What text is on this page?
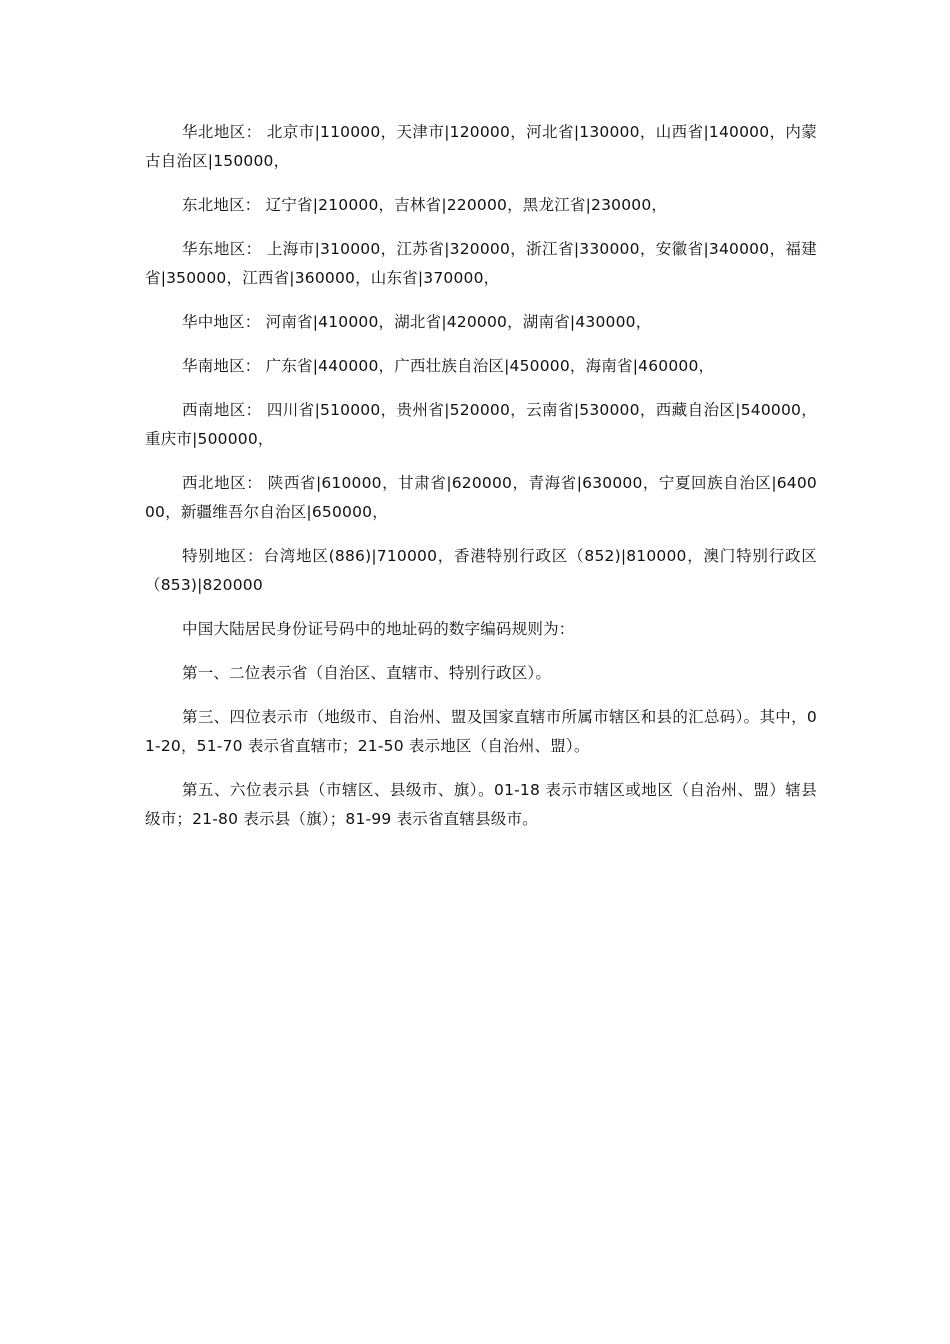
华北地区： 北京市|110000，天津市|120000，河北省|130000，山西省|140000，内蒙古自治区|150000，

东北地区： 辽宁省|210000，吉林省|220000，黑龙江省|230000，

华东地区： 上海市|310000，江苏省|320000，浙江省|330000，安徽省|340000，福建省|350000，江西省|360000，山东省|370000，

华中地区： 河南省|410000，湖北省|420000，湖南省|430000，

华南地区： 广东省|440000，广西壮族自治区|450000，海南省|460000，

西南地区： 四川省|510000，贵州省|520000，云南省|530000，西藏自治区|540000，重庆市|500000，

西北地区： 陕西省|610000，甘肃省|620000，青海省|630000，宁夏回族自治区|640000，新疆维吾尔自治区|650000，

特别地区：台湾地区(886)|710000，香港特别行政区（852)|810000，澳门特别行政区（853)|820000

中国大陆居民身份证号码中的地址码的数字编码规则为：

第一、二位表示省（自治区、直辖市、特别行政区）。

第三、四位表示市（地级市、自治州、盟及国家直辖市所属市辖区和县的汇总码）。其中，01-20，51-70 表示省直辖市；21-50 表示地区（自治州、盟）。

第五、六位表示县（市辖区、县级市、旗）。01-18 表示市辖区或地区（自治州、盟）辖县级市；21-80 表示县（旗）；81-99 表示省直辖县级市。
